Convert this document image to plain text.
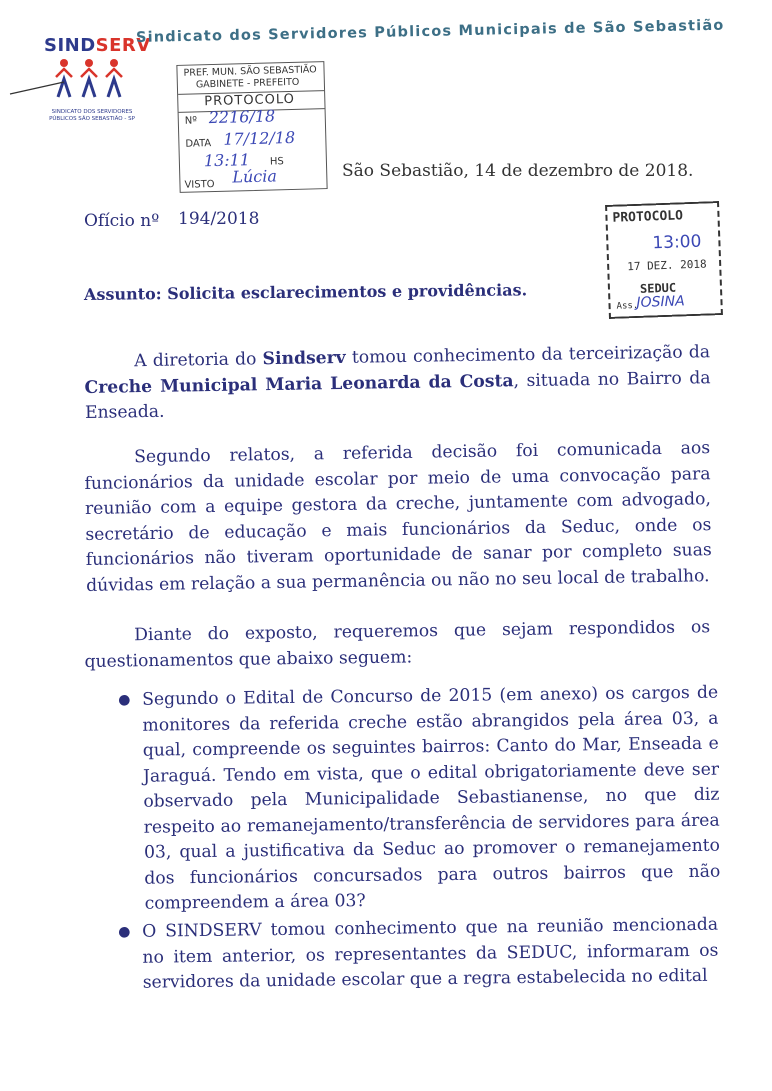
SINDSERV
Sindicato dos Servidores Públicos Municipais de São Sebastião
SINDICATO DOS SERVIDORES PÚBLICOS SÃO SEBASTIÃO - SP
PREF. MUN. SÃO SEBASTIÃO
GABINETE - PREFEITO
PROTOCOLO
Nº 2216/18
DATA 17/12/18
13:11 HS
VISTO Lúcia	São Sebastião, 14 de dezembro de 2018.
Ofício nº 194/2018	PROTOCOLO
13:00
17 DEZ. 2018
SEDUC
Ass.
JOSINA
Assunto: Solicita esclarecimentos e providências.
A diretoria do Sindserv tomou conhecimento da terceirização da Creche Municipal Maria Leonarda da Costa, situada no Bairro da Enseada.
Segundo relatos, a referida decisão foi comunicada aos funcionários da unidade escolar por meio de uma convocação para reunião com a equipe gestora da creche, juntamente com advogado, secretário de educação e mais funcionários da Seduc, onde os funcionários não tiveram oportunidade de sanar por completo suas dúvidas em relação a sua permanência ou não no seu local de trabalho.
Diante do exposto, requeremos que sejam respondidos os questionamentos que abaixo seguem:
● Segundo o Edital de Concurso de 2015 (em anexo) os cargos de monitores da referida creche estão abrangidos pela área 03, a qual, compreende os seguintes bairros: Canto do Mar, Enseada e Jaraguá. Tendo em vista, que o edital obrigatoriamente deve ser observado pela Municipalidade Sebastianense, no que diz respeito ao remanejamento/transferência de servidores para área 03, qual a justificativa da Seduc ao promover o remanejamento dos funcionários concursados para outros bairros que não compreendem a área 03?
● O SINDSERV tomou conhecimento que na reunião mencionada no item anterior, os representantes da SEDUC, informaram os servidores da unidade escolar que a regra estabelecida no edital
